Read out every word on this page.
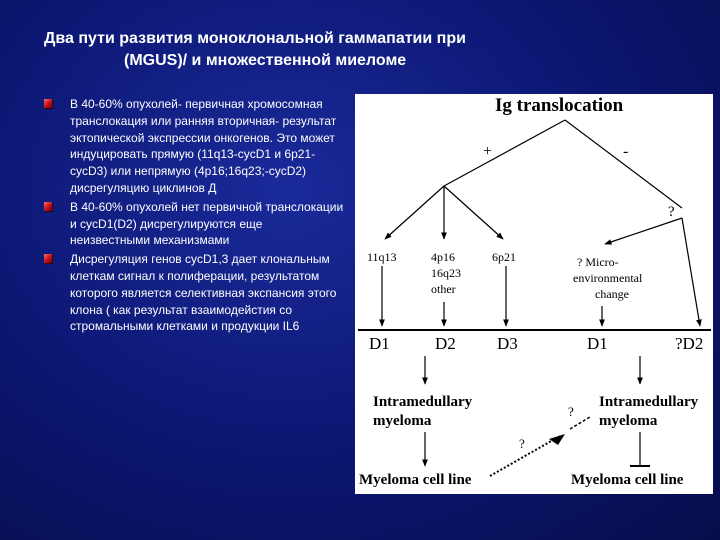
Два пути развития моноклональной гаммапатии при
(MGUS)/ и множественной миеломе
В 40-60% опухолей- первичная хромосомная транслокация или ранняя вторичная- результат эктопической экспрессии онкогенов. Это может индуцировать прямую (11q13-cycD1 и 6p21-cycD3) или непрямую (4p16;16q23;-cycD2) дисрегуляцию циклинов Д
В 40-60% опухолей нет первичной транслокации и cycD1(D2) дисрегулируются еще неизвестными механизмами
Дисрегуляция генов cycD1,3 дает клональным клеткам сигнал к полиферации, результатом которого является селективная экспансия этого клона ( как результат взаимодейстия со стромальными клетками и продукции IL6
Ig translocation
+	-
?
11q13	4p16
16q23
other
6p21	? Micro-
environmental
change
D1	D2 D3	D1	?D2
Intramedullary
myeloma
Intramedullary
myeloma
?
?
Myeloma cell line	Myeloma cell line
